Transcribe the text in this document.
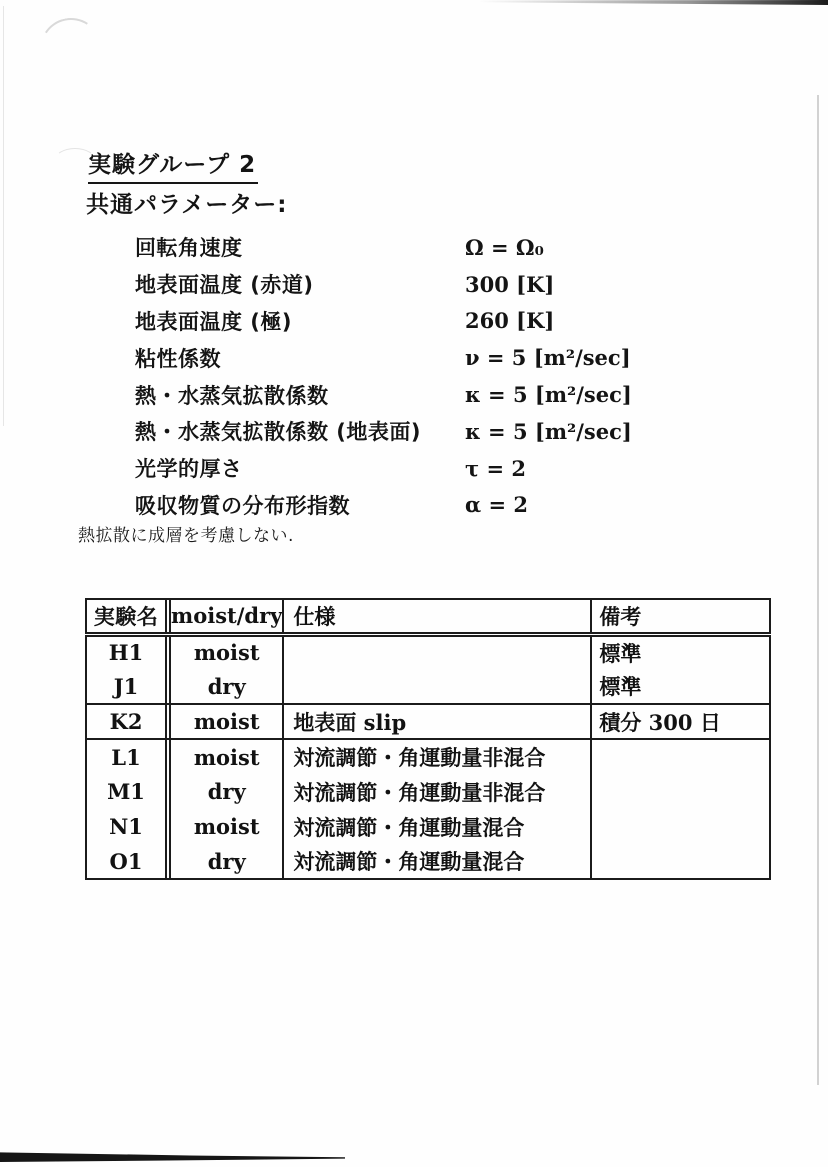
実験グループ 2
共通パラメーター:
回転角速度	Ω = Ω₀
地表面温度 (赤道)	300 [K]
地表面温度 (極)	260 [K]
粘性係数	ν = 5 [m²/sec]
熱・水蒸気拡散係数	κ = 5 [m²/sec]
熱・水蒸気拡散係数 (地表面)	κ = 5 [m²/sec]
光学的厚さ	τ = 2
吸収物質の分布形指数	α = 2
熱拡散に成層を考慮しない.
実験名		moist/dry	仕様	備考
H1		moist		標準
J1		dry		標準
K2		moist	地表面 slip	積分 300 日
L1		moist	対流調節・角運動量非混合	
M1		dry	対流調節・角運動量非混合	
N1		moist	対流調節・角運動量混合	
O1		dry	対流調節・角運動量混合	
